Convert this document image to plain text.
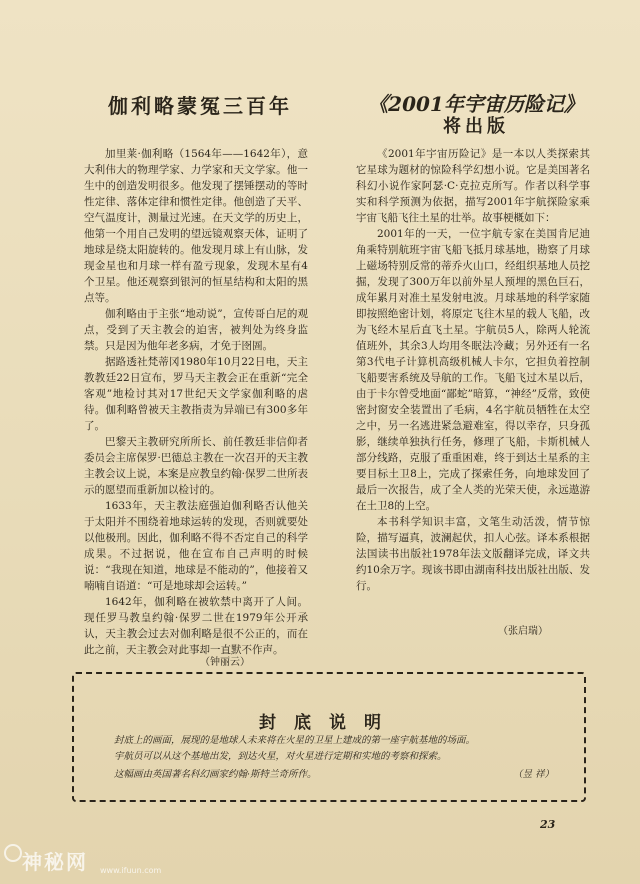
伽利略蒙冤三百年

加里莱·伽利略（1564年——1642年），意大利伟大的物理学家、力学家和天文学家。他一生中的创造发明很多。他发现了摆锤摆动的等时性定律、落体定律和惯性定律。他创造了天平、空气温度计，测量过光速。在天文学的历史上，他第一个用自己发明的望远镜观察天体，证明了地球是绕太阳旋转的。他发现月球上有山脉，发现金星也和月球一样有盈亏现象，发现木星有4个卫星。他还观察到银河的恒星结构和太阳的黑点等。

伽利略由于主张“地动说”，宣传哥白尼的观点，受到了天主教会的迫害，被判处为终身监禁。只是因为他年老多病，才免于囹圄。

据路透社梵蒂冈1980年10月22日电，天主教教廷22日宣布，罗马天主教会正在重新“完全客观”地检讨其对17世纪天文学家伽利略的虐待。伽利略曾被天主教指责为异端已有300多年了。

巴黎天主教研究所所长、前任教廷非信仰者委员会主席保罗·巴德总主教在一次召开的天主教主教会议上说，本案是应教皇约翰·保罗二世所表示的愿望而重新加以检讨的。

1633年，天主教法庭强迫伽利略否认他关于太阳并不围绕着地球运转的发现，否则就要处以他极刑。因此，伽利略不得不否定自己的科学成果。不过据说，他在宣布自己声明的时候说：“我现在知道，地球是不能动的”，他接着又喃喃自语道：“可是地球却会运转。”

1642年，伽利略在被软禁中离开了人间。现任罗马教皇约翰·保罗二世在1979年公开承认，天主教会过去对伽利略是很不公正的，而在此之前，天主教会对此事却一直默不作声。

（钟丽云）
《2001年宇宙历险记》
将出版

《2001年宇宙历险记》是一本以人类探索其它星球为题材的惊险科学幻想小说。它是美国著名科幻小说作家阿瑟·C·克拉克所写。作者以科学事实和科学预测为依据，描写2001年宇航探险家乘宇宙飞船飞往土星的壮举。故事梗概如下：

2001年的一天，一位宇航专家在美国肯尼迪角乘特别航班宇宙飞船飞抵月球基地，勘察了月球上磁场特别反常的蒂乔火山口，经组织基地人员挖掘，发现了300万年以前外星人预埋的黑色巨石，成年累月对准土星发射电波。月球基地的科学家随即按照绝密计划，将原定飞往木星的载人飞船，改为飞经木星后直飞土星。宇航员5人，除两人轮流值班外，其余3人均用冬眠法冷藏；另外还有一名第3代电子计算机高级机械人卡尔，它担负着控制飞船要害系统及导航的工作。飞船飞过木星以后，由于卡尔曾受地面“鄙蛇”暗算，“神经”反常，致使密封窗安全装置出了毛病，4名宇航员牺牲在太空之中，另一名逃进紧急避难室，得以幸存，只身孤影，继续单独执行任务，修理了飞船，卡斯机械人部分线路，克服了重重困难，终于到达土星系的主要目标土卫8上，完成了探索任务，向地球发回了最后一次报告，成了全人类的光荣天使，永远遨游在土卫8的上空。

本书科学知识丰富，文笔生动活泼，情节惊险，描写逼真，波澜起伏，扣人心弦。译本系根据法国读书出版社1978年法文版翻译完成，译文共约10余万字。现该书即由湖南科技出版社出版、发行。

（张启瑞）
封底说明
封底上的画面，展现的是地球人未来将在火星的卫星上建成的第一座宇航基地的场面。
宇航员可以从这个基地出发，到达火星，对火星进行定期和实地的考察和探索。
这幅画由英国著名科幻画家约翰·斯特兰奇所作。	（昱 祥）
23
神秘网 www.ifuun.com
